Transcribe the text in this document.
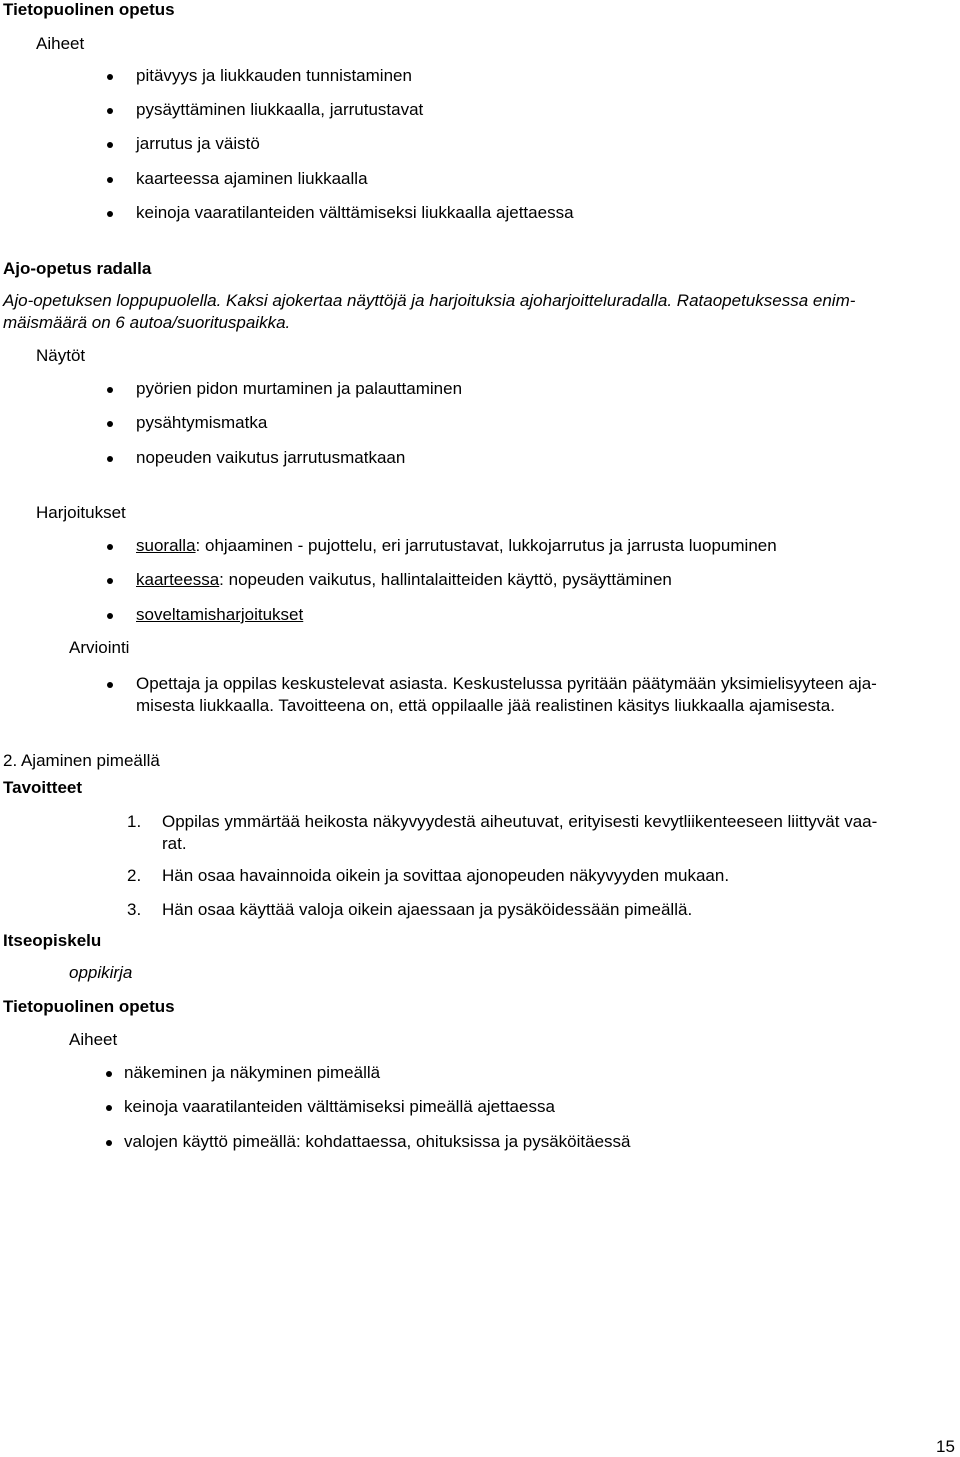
Tietopuolinen opetus
Aiheet
pitävyys ja liukkauden tunnistaminen
pysäyttäminen liukkaalla, jarrutustavat
jarrutus ja väistö
kaarteessa ajaminen liukkaalla
keinoja vaaratilanteiden välttämiseksi liukkaalla ajettaessa
Ajo-opetus radalla
Ajo-opetuksen loppupuolella. Kaksi ajokertaa näyttöjä ja harjoituksia ajoharjoitteluradalla. Rataopetuksessa enim-
mäismäärä on 6 autoa/suorituspaikka.
Näytöt
pyörien pidon murtaminen ja palauttaminen
pysähtymismatka
nopeuden vaikutus jarrutusmatkaan
Harjoitukset
suoralla: ohjaaminen - pujottelu, eri jarrutustavat, lukkojarrutus ja jarrusta luopuminen
kaarteessa: nopeuden vaikutus, hallintalaitteiden käyttö, pysäyttäminen
soveltamisharjoitukset
Arviointi
Opettaja ja oppilas keskustelevat asiasta. Keskustelussa pyritään päätymään yksimielisyyteen aja-
misesta liukkaalla. Tavoitteena on, että oppilaalle jää realistinen käsitys liukkaalla ajamisesta.
2. Ajaminen pimeällä
Tavoitteet
1. Oppilas ymmärtää heikosta näkyvyydestä aiheutuvat, erityisesti kevytliikenteeseen liittyvät vaa-
rat.
2. Hän osaa havainnoida oikein ja sovittaa ajonopeuden näkyvyyden mukaan.
3. Hän osaa käyttää valoja oikein ajaessaan ja pysäköidessään pimeällä.
Itseopiskelu
oppikirja
Tietopuolinen opetus
Aiheet
näkeminen ja näkyminen pimeällä
keinoja vaaratilanteiden välttämiseksi pimeällä ajettaessa
valojen käyttö pimeällä: kohdattaessa, ohituksissa ja pysäköitäessä
15
